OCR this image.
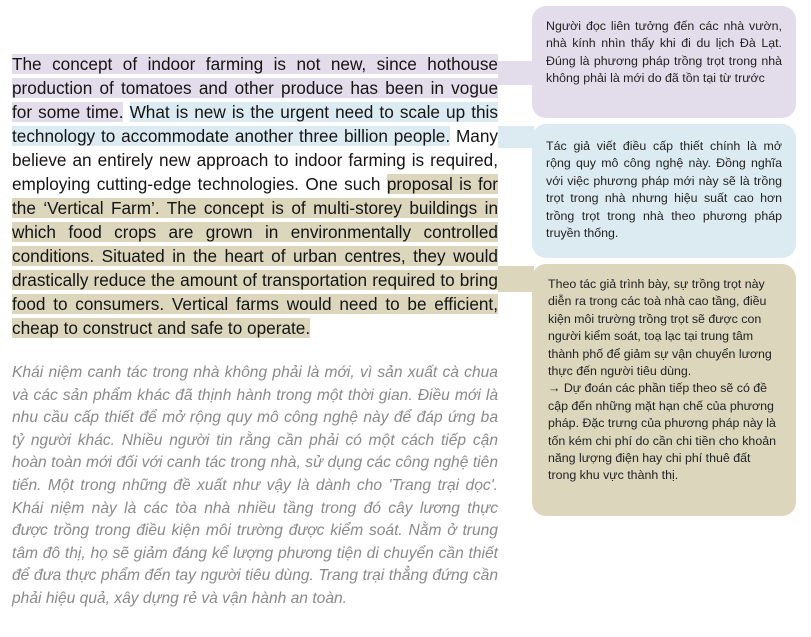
The concept of indoor farming is not new, since hothouse production of tomatoes and other produce has been in vogue for some time. What is new is the urgent need to scale up this technology to accommodate another three billion people. Many believe an entirely new approach to indoor farming is required, employing cutting-edge technologies. One such proposal is for the ‘Vertical Farm’. The concept is of multi-storey buildings in which food crops are grown in environmentally controlled conditions. Situated in the heart of urban centres, they would drastically reduce the amount of transportation required to bring food to consumers. Vertical farms would need to be efficient, cheap to construct and safe to operate.

Khái niệm canh tác trong nhà không phải là mới, vì sản xuất cà chua và các sản phẩm khác đã thịnh hành trong một thời gian. Điều mới là nhu cầu cấp thiết để mở rộng quy mô công nghệ này để đáp ứng ba tỷ người khác. Nhiều người tin rằng cần phải có một cách tiếp cận hoàn toàn mới đối với canh tác trong nhà, sử dụng các công nghệ tiên tiến. Một trong những đề xuất như vậy là dành cho 'Trang trại dọc'. Khái niệm này là các tòa nhà nhiều tầng trong đó cây lương thực được trồng trong điều kiện môi trường được kiểm soát. Nằm ở trung tâm đô thị, họ sẽ giảm đáng kể lượng phương tiện di chuyển cần thiết để đưa thực phẩm đến tay người tiêu dùng. Trang trại thẳng đứng cần phải hiệu quả, xây dựng rẻ và vận hành an toàn.

Người đọc liên tưởng đến các nhà vườn, nhà kính nhìn thấy khi đi du lịch Đà Lạt. Đúng là phương pháp trồng trọt trong nhà không phải là mới do đã tồn tại từ trước

Tác giả viết điều cấp thiết chính là mở rộng quy mô công nghệ này. Đồng nghĩa với việc phương pháp mới này sẽ là trồng trọt trong nhà nhưng hiệu suất cao hơn trồng trọt trong nhà theo phương pháp truyền thống.

Theo tác giả trình bày, sự trồng trọt này diễn ra trong các toà nhà cao tầng, điều kiện môi trường trồng trọt sẽ được con người kiểm soát, toạ lạc tại trung tâm thành phố để giảm sự vận chuyển lương thực đến người tiêu dùng.

→ Dự đoán các phần tiếp theo sẽ có đề cập đến những mặt hạn chế của phương pháp. Đặc trưng của phương pháp này là tốn kém chi phí do cần chi tiền cho khoản năng lượng điện hay chi phí thuê đất trong khu vực thành thị.
